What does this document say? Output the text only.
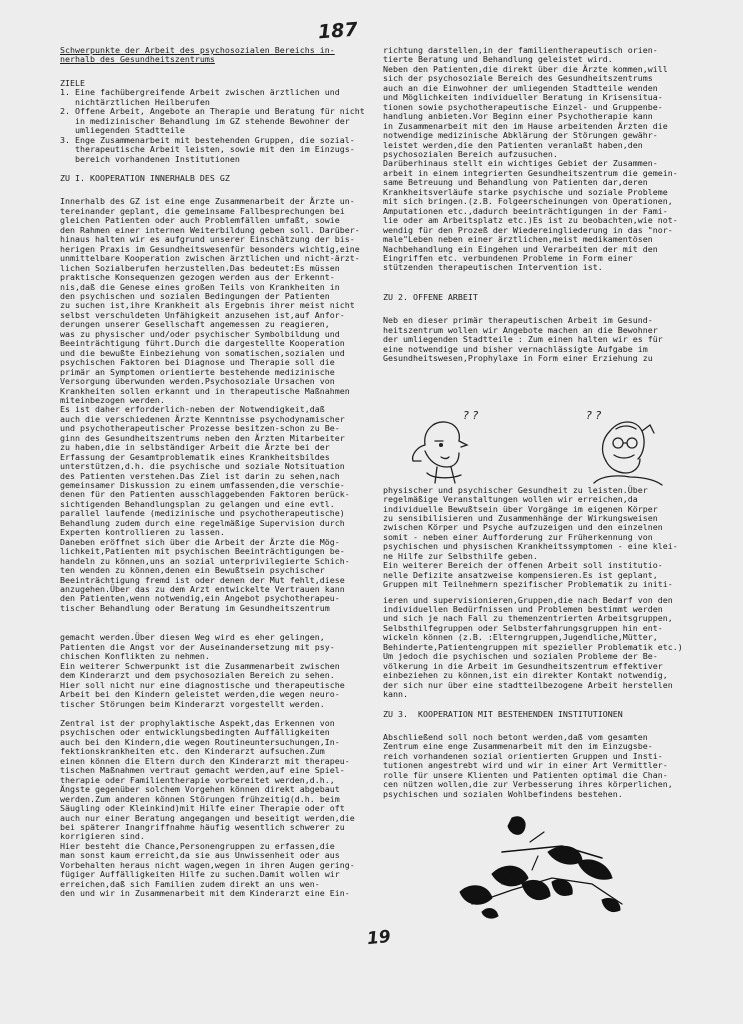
187

Schwerpunkte der Arbeit des psychosozialen Bereichs in-

nerhalb des Gesundheitszentrums

ZIELE

1. Eine fachübergreifende Arbeit zwischen ärztlichen und

nichtärztlichen Heilberufen

2. Offene Arbeit, Angebote an Therapie und Beratung für nicht

in medizinischer Behandlung im GZ stehende Bewohner der

umliegenden Stadtteile

3. Enge Zusammenarbeit mit bestehenden Gruppen, die sozial-

therapeutische Arbeit leisten, sowie mit den im Einzugs-

bereich vorhandenen Institutionen

ZU I. KOOPERATION INNERHALB DES GZ

Innerhalb des GZ ist eine enge Zusammenarbeit der Ärzte un-

tereinander geplant, die gemeinsame Fallbesprechungen bei

gleichen Patienten oder auch Problemfällen umfaßt, sowie

den Rahmen einer internen Weiterbildung geben soll. Darüber-

hinaus halten wir es aufgrund unserer Einschätzung der bis-

herigen Praxis im Gesundheitswesenfür besonders wichtig,eine

unmittelbare Kooperation zwischen ärztlichen und nicht-ärzt-

lichen Sozialberufen herzustellen.Das bedeutet:Es müssen

praktische Konsequenzen gezogen werden aus der Erkennt-

nis,daß die Genese eines großen Teils von Krankheiten in

den psychischen und sozialen Bedingungen der Patienten

zu suchen ist,ihre Krankheit als Ergebnis ihrer meist nicht

selbst verschuldeten Unfähigkeit anzusehen ist,auf Anfor-

derungen unserer Gesellschaft angemessen zu reagieren,

was zu physischer und/oder psychischer Symbolbildung und

Beeinträchtigung führt.Durch die dargestellte Kooperation

und die bewußte Einbeziehung von somatischen,sozialen und

psychischen Faktoren bei Diagnose und Therapie soll die

primär an Symptomen orientierte bestehende medizinische

Versorgung überwunden werden.Psychosoziale Ursachen von

Krankheiten sollen erkannt und in therapeutische Maßnahmen

miteinbezogen werden.

Es ist daher erforderlich-neben der Notwendigkeit,daß

auch die verschiedenen Ärzte Kenntnisse psychodynamischer

und psychotherapeutischer Prozesse besitzen-schon zu Be-

ginn des Gesundheitszentrums neben den Ärzten Mitarbeiter

zu haben,die in selbständiger Arbeit die Ärzte bei der

Erfassung der Gesamtproblematik eines Krankheitsbildes

unterstützen,d.h. die psychische und soziale Notsituation

des Patienten verstehen.Das Ziel ist darin zu sehen,nach

gemeinsamer Diskussion zu einem umfassenden,die verschie-

denen für den Patienten ausschlaggebenden Faktoren berück-

sichtigenden Behandlungsplan zu gelangen und eine evtl.

parallel laufende (medizinische und psychotherapeutische)

Behandlung zudem durch eine regelmäßige Supervision durch

Experten kontrollieren zu lassen.

Daneben eröffnet sich über die Arbeit der Ärzte die Mög-

lichkeit,Patienten mit psychischen Beeinträchtigungen be-

handeln zu können,uns an sozial unterprivilegierte Schich-

ten wenden zu können,denen ein Bewußtsein psychischer

Beeinträchtigung fremd ist oder denen der Mut fehlt,diese

anzugehen.Über das zu dem Arzt entwickelte Vertrauen kann

den Patienten,wenn notwendig,ein Angebot psychotherapeu-

tischer Behandlung oder Beratung im Gesundheitszentrum

gemacht werden.Über diesen Weg wird es eher gelingen,

Patienten die Angst vor der Auseinandersetzung mit psy-

chischen Konflikten zu nehmen.

Ein weiterer Schwerpunkt ist die Zusammenarbeit zwischen

dem Kinderarzt und dem psychosozialen Bereich zu sehen.

Hier soll nicht nur eine diagnostische und therapeutische

Arbeit bei den Kindern geleistet werden,die wegen neuro-

tischer Störungen beim Kinderarzt vorgestellt werden.

Zentral ist der prophylaktische Aspekt,das Erkennen von

psychischen oder entwicklungsbedingten Auffälligkeiten

auch bei den Kindern,die wegen Routineuntersuchungen,In-

fektionskrankheiten etc. den Kinderarzt aufsuchen.Zum

einen können die Eltern durch den Kinderarzt mit therapeu-

tischen Maßnahmen vertraut gemacht werden,auf eine Spiel-

therapie oder Familientherapie vorbereitet werden,d.h.,

Ängste gegenüber solchem Vorgehen können direkt abgebaut

werden.Zum anderen können Störungen frühzeitig(d.h. beim

Säugling oder Kleinkind)mit Hilfe einer Therapie oder oft

auch nur einer Beratung angegangen und beseitigt werden,die

bei späterer Inangriffnahme häufig wesentlich schwerer zu

korrigieren sind.

Hier besteht die Chance,Personengruppen zu erfassen,die

man sonst kaum erreicht,da sie aus Unwissenheit oder aus

Vorbehalten heraus nicht wagen,wegen in ihren Augen gering-

fügiger Auffälligkeiten Hilfe zu suchen.Damit wollen wir

erreichen,daß sich Familien zudem direkt an uns wen-

den und wir in Zusammenarbeit mit dem Kinderarzt eine Ein-

richtung darstellen,in der familientherapeutisch orien-

tierte Beratung und Behandlung geleistet wird.

Neben den Patienten,die direkt über die Ärzte kommen,will

sich der psychosoziale Bereich des Gesundheitszentrums

auch an die Einwohner der umliegenden Stadtteile wenden

und Möglichkeiten individueller Beratung in Krisensitua-

tionen sowie psychotherapeutische Einzel- und Gruppenbe-

handlung anbieten.Vor Beginn einer Psychotherapie kann

in Zusammenarbeit mit den im Hause arbeitenden Ärzten die

notwendige medizinische Abklärung der Störungen gewähr-

leistet werden,die den Patienten veranlaßt haben,den

psychosozialen Bereich aufzusuchen.

Darüberhinaus stellt ein wichtiges Gebiet der Zusammen-

arbeit in einem integrierten Gesundheitszentrum die gemein-

same Betreuung und Behandlung von Patienten dar,deren

Krankheitsverläufe starke psychische und soziale Probleme

mit sich bringen.(z.B. Folgeerscheinungen von Operationen,

Amputationen etc.,dadurch beeinträchtigungen in der Fami-

lie oder am Arbeitsplatz etc.)Es ist zu beobachten,wie not-

wendig für den Prozeß der Wiedereingliederung in das "nor-

male"Leben neben einer ärztlichen,meist medikamentösen

Nachbehandlung ein Eingehen und Verarbeiten der mit den

Eingriffen etc. verbundenen Probleme in Form einer

stützenden therapeutischen Intervention ist.

ZU 2. OFFENE ARBEIT

Neb en dieser primär therapeutischen Arbeit im Gesund-

heitszentrum wollen wir Angebote machen an die Bewohner

der umliegenden Stadtteile : Zum einen halten wir es für

eine notwendige und bisher vernachlässigte Aufgabe im

Gesundheitswesen,Prophylaxe in Form einer Erziehung zu

physischer und psychischer Gesundheit zu leisten.Über

regelmäßige Veranstaltungen wollen wir erreichen,da

individuelle Bewußtsein über Vorgänge im eigenen Körper

zu sensibilisieren und Zusammenhänge der Wirkungsweisen

zwischen Körper und Psyche aufzuzeigen und den einzelnen

somit - neben einer Aufforderung zur Früherkennung von

psychischen und physischen Krankheitssymptomen - eine klei-

ne Hilfe zur Selbsthilfe geben.

Ein weiterer Bereich der offenen Arbeit soll institutio-

nelle Defizite ansatzweise kompensieren.Es ist geplant,

Gruppen mit Teilnehmern spezifischer Problematik zu initi-

ieren und supervisionieren,Gruppen,die nach Bedarf von den

individuellen Bedürfnissen und Problemen bestimmt werden

und sich je nach Fall zu themenzentrierten Arbeitsgruppen,

Selbsthilfegruppen oder Selbsterfahrungsgruppen hin ent-

wickeln können (z.B. :Elterngruppen,Jugendliche,Mütter,

Behinderte,Patientengruppen mit spezieller Problematik etc.)

Um jedoch die psychischen und sozialen Probleme der Be-

völkerung in die Arbeit im Gesundheitszentrum effektiver

einbeziehen zu können,ist ein direkter Kontakt notwendig,

der sich nur über eine stadtteilbezogene Arbeit herstellen

kann.

ZU 3.  KOOPERATION MIT BESTEHENDEN INSTITUTIONEN

Abschließend soll noch betont werden,daß vom gesamten

Zentrum eine enge Zusammenarbeit mit den im Einzugsbe-

reich vorhandenen sozial orientierten Gruppen und Insti-

tutionen angestrebt wird und wir in einer Art Vermittler-

rolle für unsere Klienten und Patienten optimal die Chan-

cen nützen wollen,die zur Verbesserung ihres körperlichen,

psychischen und sozialen Wohlbefindens bestehen.

? ?	? ?
19
